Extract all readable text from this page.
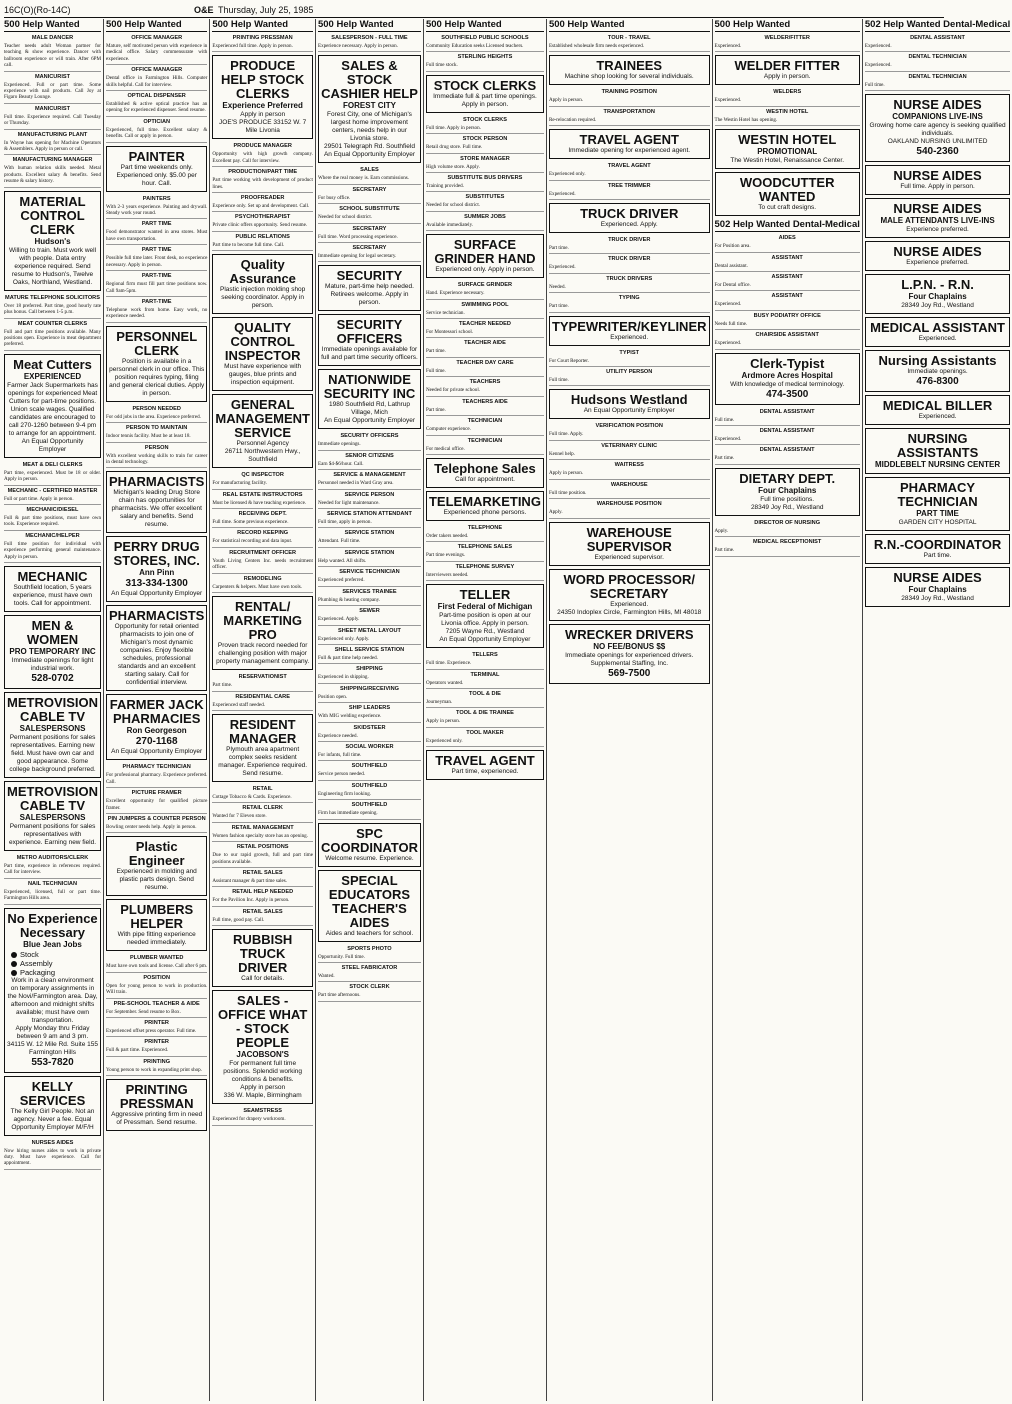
16C(O)(Ro-14C)	O&E Thursday, July 25, 1985
500 Help Wanted
MALE DANCER
Teacher needs adult Woman partner for teaching & show experience. Dancer with ballroom experience or will train. After 6PM call.
MANICURIST
Experienced. Full or part time. Some experience with nail products. Call Joy at Figaro Beauty Lounge.
MANICURIST
Full time. Experience required. Call Tuesday or Thursday.
MANUFACTURING PLANT
In Wayne has opening for Machine Operators & Assemblers. Apply in person or call.
MANUFACTURING MANAGER
With human relation skills needed. Metal products. Excellent salary & benefits. Send resume & salary history.
MATERIAL CONTROL CLERK
Hudson's
Willing to train. Must work well with people. Data entry experience required. Send resume to Hudson's, Twelve Oaks, Northland, Westland.
MATURE TELEPHONE SOLICITORS
Over 18 preferred. Part time, good hourly rate plus bonus. Call between 1-5 p.m.
MEAT COUNTER CLERKS
Full and part time positions available. Many positions open. Experience in meat department preferred.
Meat Cutters
EXPERIENCED
Farmer Jack Supermarkets has openings for experienced Meat Cutters for part-time positions. Union scale wages. Qualified candidates are encouraged to call 270-1260 between 9-4 pm to arrange for an appointment.
An Equal Opportunity Employer
MEAT & DELI CLERKS
Part time, experienced. Must be 18 or older. Apply in person.
MECHANIC - CERTIFIED MASTER
Full or part time. Apply in person.
MECHANIC/DIESEL
Full & part time positions, must have own tools. Experience required.
MECHANIC/HELPER
Full time position for individual with experience performing general maintenance. Apply in person.
MECHANIC
Southfield location, 5 years experience, must have own tools. Call for appointment.
MEN & WOMEN
PRO TEMPORARY INC
Immediate openings for light industrial work.
528-0702
METROVISION CABLE TV
SALESPERSONS
Permanent positions for sales representatives. Earning new field. Must have own car and good appearance. Some college background preferred.
METROVISION CABLE TV
SALESPERSONS
Permanent positions for sales representatives with experience. Earning new field.
METRO AUDITORS/CLERK
Part time, experience in references required. Call for interview.
NAIL TECHNICIAN
Experienced, licensed, full or part time. Farmington Hills area.
No Experience Necessary
Blue Jean Jobs
Stock
Assembly
Packaging
Work in a clean environment on temporary assignments in the Novi/Farmington area. Day, afternoon and midnight shifts available; must have own transportation.
Apply Monday thru Friday between 9 am and 3 pm.
34115 W. 12 Mile Rd. Suite 155 Farmington Hills
553-7820
KELLY SERVICES
The Kelly Girl People. Not an agency. Never a fee. Equal Opportunity Employer M/F/H
NURSES AIDES
Now hiring nurses aides to work in private duty. Must have experience. Call for appointment.
500 Help Wanted
OFFICE MANAGER
Mature, self motivated person with experience in medical office. Salary commensurate with experience.
OFFICE MANAGER
Dental office in Farmington Hills. Computer skills helpful. Call for interview.
OPTICAL DISPENSER
Established & active optical practice has an opening for experienced dispenser. Send resume.
OPTICIAN
Experienced, full time. Excellent salary & benefits. Call or apply in person.
PAINTER
Part time weekends only. Experienced only. $5.00 per hour. Call.
PAINTERS
With 2-3 years experience. Painting and drywall. Steady work year round.
PART TIME
Food demonstrator wanted in area stores. Must have own transportation.
PART TIME
Possible full time later. Front desk, no experience necessary. Apply in person.
PART-TIME
Regional firm must fill part time positions now. Call 9am-5pm.
PART-TIME
Telephone work from home. Easy work, no experience needed.
PERSONNEL CLERK
Position is available in a personnel clerk in our office. This position requires typing, filing and general clerical duties. Apply in person.
PERSON NEEDED
For odd jobs in the area. Experience preferred.
PERSON TO MAINTAIN
Indoor tennis facility. Must be at least 18.
PERSON
With excellent working skills to train for career in dental technology.
PHARMACISTS
Michigan's leading Drug Store chain has opportunities for pharmacists. We offer excellent salary and benefits. Send resume.
PERRY DRUG STORES, INC.
Ann Pinn
313-334-1300
An Equal Opportunity Employer
PHARMACISTS
Opportunity for retail oriented pharmacists to join one of Michigan's most dynamic companies. Enjoy flexible schedules, professional standards and an excellent starting salary. Call for confidential interview.
FARMER JACK PHARMACIES
Ron Georgeson
270-1168
An Equal Opportunity Employer
PHARMACY TECHNICIAN
For professional pharmacy. Experience preferred. Call.
PICTURE FRAMER
Excellent opportunity for qualified picture framer.
PIN JUMPERS & COUNTER PERSON
Bowling center needs help. Apply in person.
Plastic Engineer
Experienced in molding and plastic parts design. Send resume.
PLUMBERS HELPER
With pipe fitting experience needed immediately.
PLUMBER WANTED
Must have own tools and license. Call after 6 pm.
POSITION
Open for young person to work in production. Will train.
PRE-SCHOOL TEACHER & AIDE
For September. Send resume to Box.
PRINTER
Experienced offset press operator. Full time.
PRINTER
Full & part time. Experienced.
PRINTING
Young person to work in expanding print shop.
PRINTING PRESSMAN
Aggressive printing firm in need of Pressman. Send resume.
500 Help Wanted
PRINTING PRESSMAN
Experienced full time. Apply in person.
PRODUCE HELP STOCK CLERKS
Experience Preferred
Apply in person
JOE'S PRODUCE 33152 W. 7 Mile Livonia
PRODUCE MANAGER
Opportunity with high growth company. Excellent pay. Call for interview.
PRODUCTION/PART TIME
Part time working with development of product lines.
PROOFREADER
Experience only. Set up and development. Call.
PSYCHOTHERAPIST
Private clinic offers opportunity. Send resume.
PUBLIC RELATIONS
Part time to become full time. Call.
Quality Assurance
Plastic injection molding shop seeking coordinator. Apply in person.
QUALITY CONTROL INSPECTOR
Must have experience with gauges, blue prints and inspection equipment.
GENERAL MANAGEMENT SERVICE
Personnel Agency
26711 Northwestern Hwy., Southfield
QC INSPECTOR
For manufacturing facility.
REAL ESTATE INSTRUCTORS
Must be licensed & have teaching experience.
RECEIVING DEPT.
Full time. Some previous experience.
RECORD KEEPING
For statistical recording and data input.
RECRUITMENT OFFICER
Youth Living Centers Inc. needs recruitment officer.
REMODELING
Carpenters & helpers. Must have own tools.
RENTAL/ MARKETING PRO
Proven track record needed for challenging position with major property management company.
RESERVATIONIST
Part time.
RESIDENTIAL CARE
Experienced staff needed.
RESIDENT MANAGER
Plymouth area apartment complex seeks resident manager. Experience required. Send resume.
RETAIL
Cottage Tobacco & Cards. Experience.
RETAIL CLERK
Wanted for 7 Eleven store.
RETAIL MANAGEMENT
Women fashion specialty store has an opening.
RETAIL POSITIONS
Due to our rapid growth, full and part time positions available.
RETAIL SALES
Assistant manager & part time sales.
RETAIL HELP NEEDED
For the Pavilion Inc. Apply in person.
RETAIL SALES
Full time, good pay. Call.
RUBBISH TRUCK DRIVER
Call for details.
SALES - OFFICE WHAT - STOCK PEOPLE
JACOBSON'S
For permanent full time positions. Splendid working conditions & benefits.
Apply in person
336 W. Maple, Birmingham
SEAMSTRESS
Experienced for drapery workroom.
500 Help Wanted
SALESPERSON - FULL TIME
Experience necessary. Apply in person.
SALES & STOCK CASHIER HELP
FOREST CITY
Forest City, one of Michigan's largest home improvement centers, needs help in our Livonia store.
29501 Telegraph Rd. Southfield
An Equal Opportunity Employer
SALES
Where the real money is. Earn commissions.
SECRETARY
For busy office.
SCHOOL SUBSTITUTE
Needed for school district.
SECRETARY
Full time. Word processing experience.
SECRETARY
Immediate opening for legal secretary.
SECURITY
Mature, part-time help needed. Retirees welcome. Apply in person.
SECURITY OFFICERS
Immediate openings available for full and part time security officers.
NATIONWIDE SECURITY INC
1980 Southfield Rd, Lathrup Village, Mich
An Equal Opportunity Employer
SECURITY OFFICERS
Immediate openings.
SENIOR CITIZENS
Earn $4-$6/hour. Call.
SERVICE & MANAGEMENT
Personnel needed in Ward Gray area.
SERVICE PERSON
Needed for light maintenance.
SERVICE STATION ATTENDANT
Full time, apply in person.
SERVICE STATION
Attendant. Full time.
SERVICE STATION
Help wanted. All shifts.
SERVICE TECHNICIAN
Experienced preferred.
SERVICES TRAINEE
Plumbing & heating company.
SEWER
Experienced. Apply.
SHEET METAL LAYOUT
Experienced only. Apply.
SHELL SERVICE STATION
Full & part time help needed.
SHIPPING
Experienced in shipping.
SHIPPING/RECEIVING
Position open.
SHIP LEADERS
With MIG welding experience.
SKIDSTEER
Experience needed.
SOCIAL WORKER
For infants, full time.
SOUTHFIELD
Service person needed.
SOUTHFIELD
Engineering firm looking.
SOUTHFIELD
Firm has immediate opening.
SPC COORDINATOR
Welcome resume. Experience.
SPECIAL EDUCATORS TEACHER'S AIDES
Aides and teachers for school.
SPORTS PHOTO
Opportunity. Full time.
STEEL FABRICATOR
Wanted.
STOCK CLERK
Part time afternoons.
500 Help Wanted
SOUTHFIELD PUBLIC SCHOOLS
Community Education seeks Licensed teachers.
STERLING HEIGHTS
Full time stock.
STOCK CLERKS
Immediate full & part time openings. Apply in person.
STOCK CLERKS
Full time. Apply in person.
STOCK PERSON
Retail drug store. Full time.
STORE MANAGER
High volume store. Apply.
SUBSTITUTE BUS DRIVERS
Training provided.
SUBSTITUTES
Needed for school district.
SUMMER JOBS
Available immediately.
SURFACE GRINDER HAND
Experienced only. Apply in person.
SURFACE GRINDER
Hand. Experience necessary.
SWIMMING POOL
Service technician.
TEACHER NEEDED
For Montessori school.
TEACHER AIDE
Part time.
TEACHER DAY CARE
Full time.
TEACHERS
Needed for private school.
TEACHERS AIDE
Part time.
TECHNICIAN
Computer experience.
TECHNICIAN
For medical office.
Telephone Sales
Call for appointment.
TELEMARKETING
Experienced phone persons.
TELEPHONE
Order takers needed.
TELEPHONE SALES
Part time evenings.
TELEPHONE SURVEY
Interviewers needed.
TELLER
First Federal of Michigan
Part-time position is open at our Livonia office. Apply in person.
7205 Wayne Rd., Westland
An Equal Opportunity Employer
TELLERS
Full time. Experience.
TERMINAL
Operators wanted.
TOOL & DIE
Journeyman.
TOOL & DIE TRAINEE
Apply in person.
TOOL MAKER
Experienced only.
TRAVEL AGENT
Part time, experienced.
500 Help Wanted
TOUR - TRAVEL
Established wholesale firm needs experienced.
TRAINEES
Machine shop looking for several individuals.
TRAINING POSITION
Apply in person.
TRANSPORTATION
Re-relocation required.
TRAVEL AGENT
Immediate opening for experienced agent.
TRAVEL AGENT
Experienced only.
TREE TRIMMER
Experienced.
TRUCK DRIVER
Experienced. Apply.
TRUCK DRIVER
Part time.
TRUCK DRIVER
Experienced.
TRUCK DRIVERS
Needed.
TYPING
Part time.
TYPEWRITER/KEYLINER
Experienced.
TYPIST
For Court Reporter.
UTILITY PERSON
Full time.
Hudsons Westland
An Equal Opportunity Employer
VERIFICATION POSITION
Full time. Apply.
VETERINARY CLINIC
Kennel help.
WAITRESS
Apply in person.
WAREHOUSE
Full time position.
WAREHOUSE POSITION
Apply.
WAREHOUSE SUPERVISOR
Experienced supervisor.
WORD PROCESSOR/ SECRETARY
Experienced.
24350 Indoplex Circle, Farmington Hills, MI 48018
WRECKER DRIVERS
NO FEE/BONUS $$
Immediate openings for experienced drivers.
Supplemental Staffing, Inc.
569-7500
500 Help Wanted
WELDER/FITTER
Experienced.
WELDER FITTER
Apply in person.
WELDERS
Experienced.
WESTIN HOTEL
The Westin Hotel has opening.
WESTIN HOTEL
PROMOTIONAL
The Westin Hotel, Renaissance Center.
WOODCUTTER WANTED
To cut craft designs.
502 Help Wanted Dental-Medical
AIDES
For Position area.
ASSISTANT
Dental assistant.
ASSISTANT
For Dental office.
ASSISTANT
Experienced.
BUSY PODIATRY OFFICE
Needs full time.
CHAIRSIDE ASSISTANT
Experienced.
Clerk-Typist
Ardmore Acres Hospital
With knowledge of medical terminology.
474-3500
DENTAL ASSISTANT
Full time.
DENTAL ASSISTANT
Experienced.
DENTAL ASSISTANT
Part time.
DIETARY DEPT.
Four Chaplains
Full time positions.
28349 Joy Rd., Westland
DIRECTOR OF NURSING
Apply.
MEDICAL RECEPTIONIST
Part time.
502 Help Wanted Dental-Medical
DENTAL ASSISTANT
Experienced.
DENTAL TECHNICIAN
Experienced.
DENTAL TECHNICIAN
Full time.
NURSE AIDES
COMPANIONS LIVE-INS
Growing home care agency is seeking qualified individuals.
OAKLAND NURSING UNLIMITED
540-2360
NURSE AIDES
Full time. Apply in person.
NURSE AIDES
MALE ATTENDANTS LIVE-INS
Experience preferred.
NURSE AIDES
Experience preferred.
L.P.N. - R.N.
Four Chaplains
28349 Joy Rd., Westland
MEDICAL ASSISTANT
Experienced.
Nursing Assistants
Immediate openings.
476-8300
MEDICAL BILLER
Experienced.
NURSING ASSISTANTS
MIDDLEBELT NURSING CENTER
PHARMACY TECHNICIAN
PART TIME
GARDEN CITY HOSPITAL
R.N.-COORDINATOR
Part time.
NURSE AIDES
Four Chaplains
28349 Joy Rd., Westland
